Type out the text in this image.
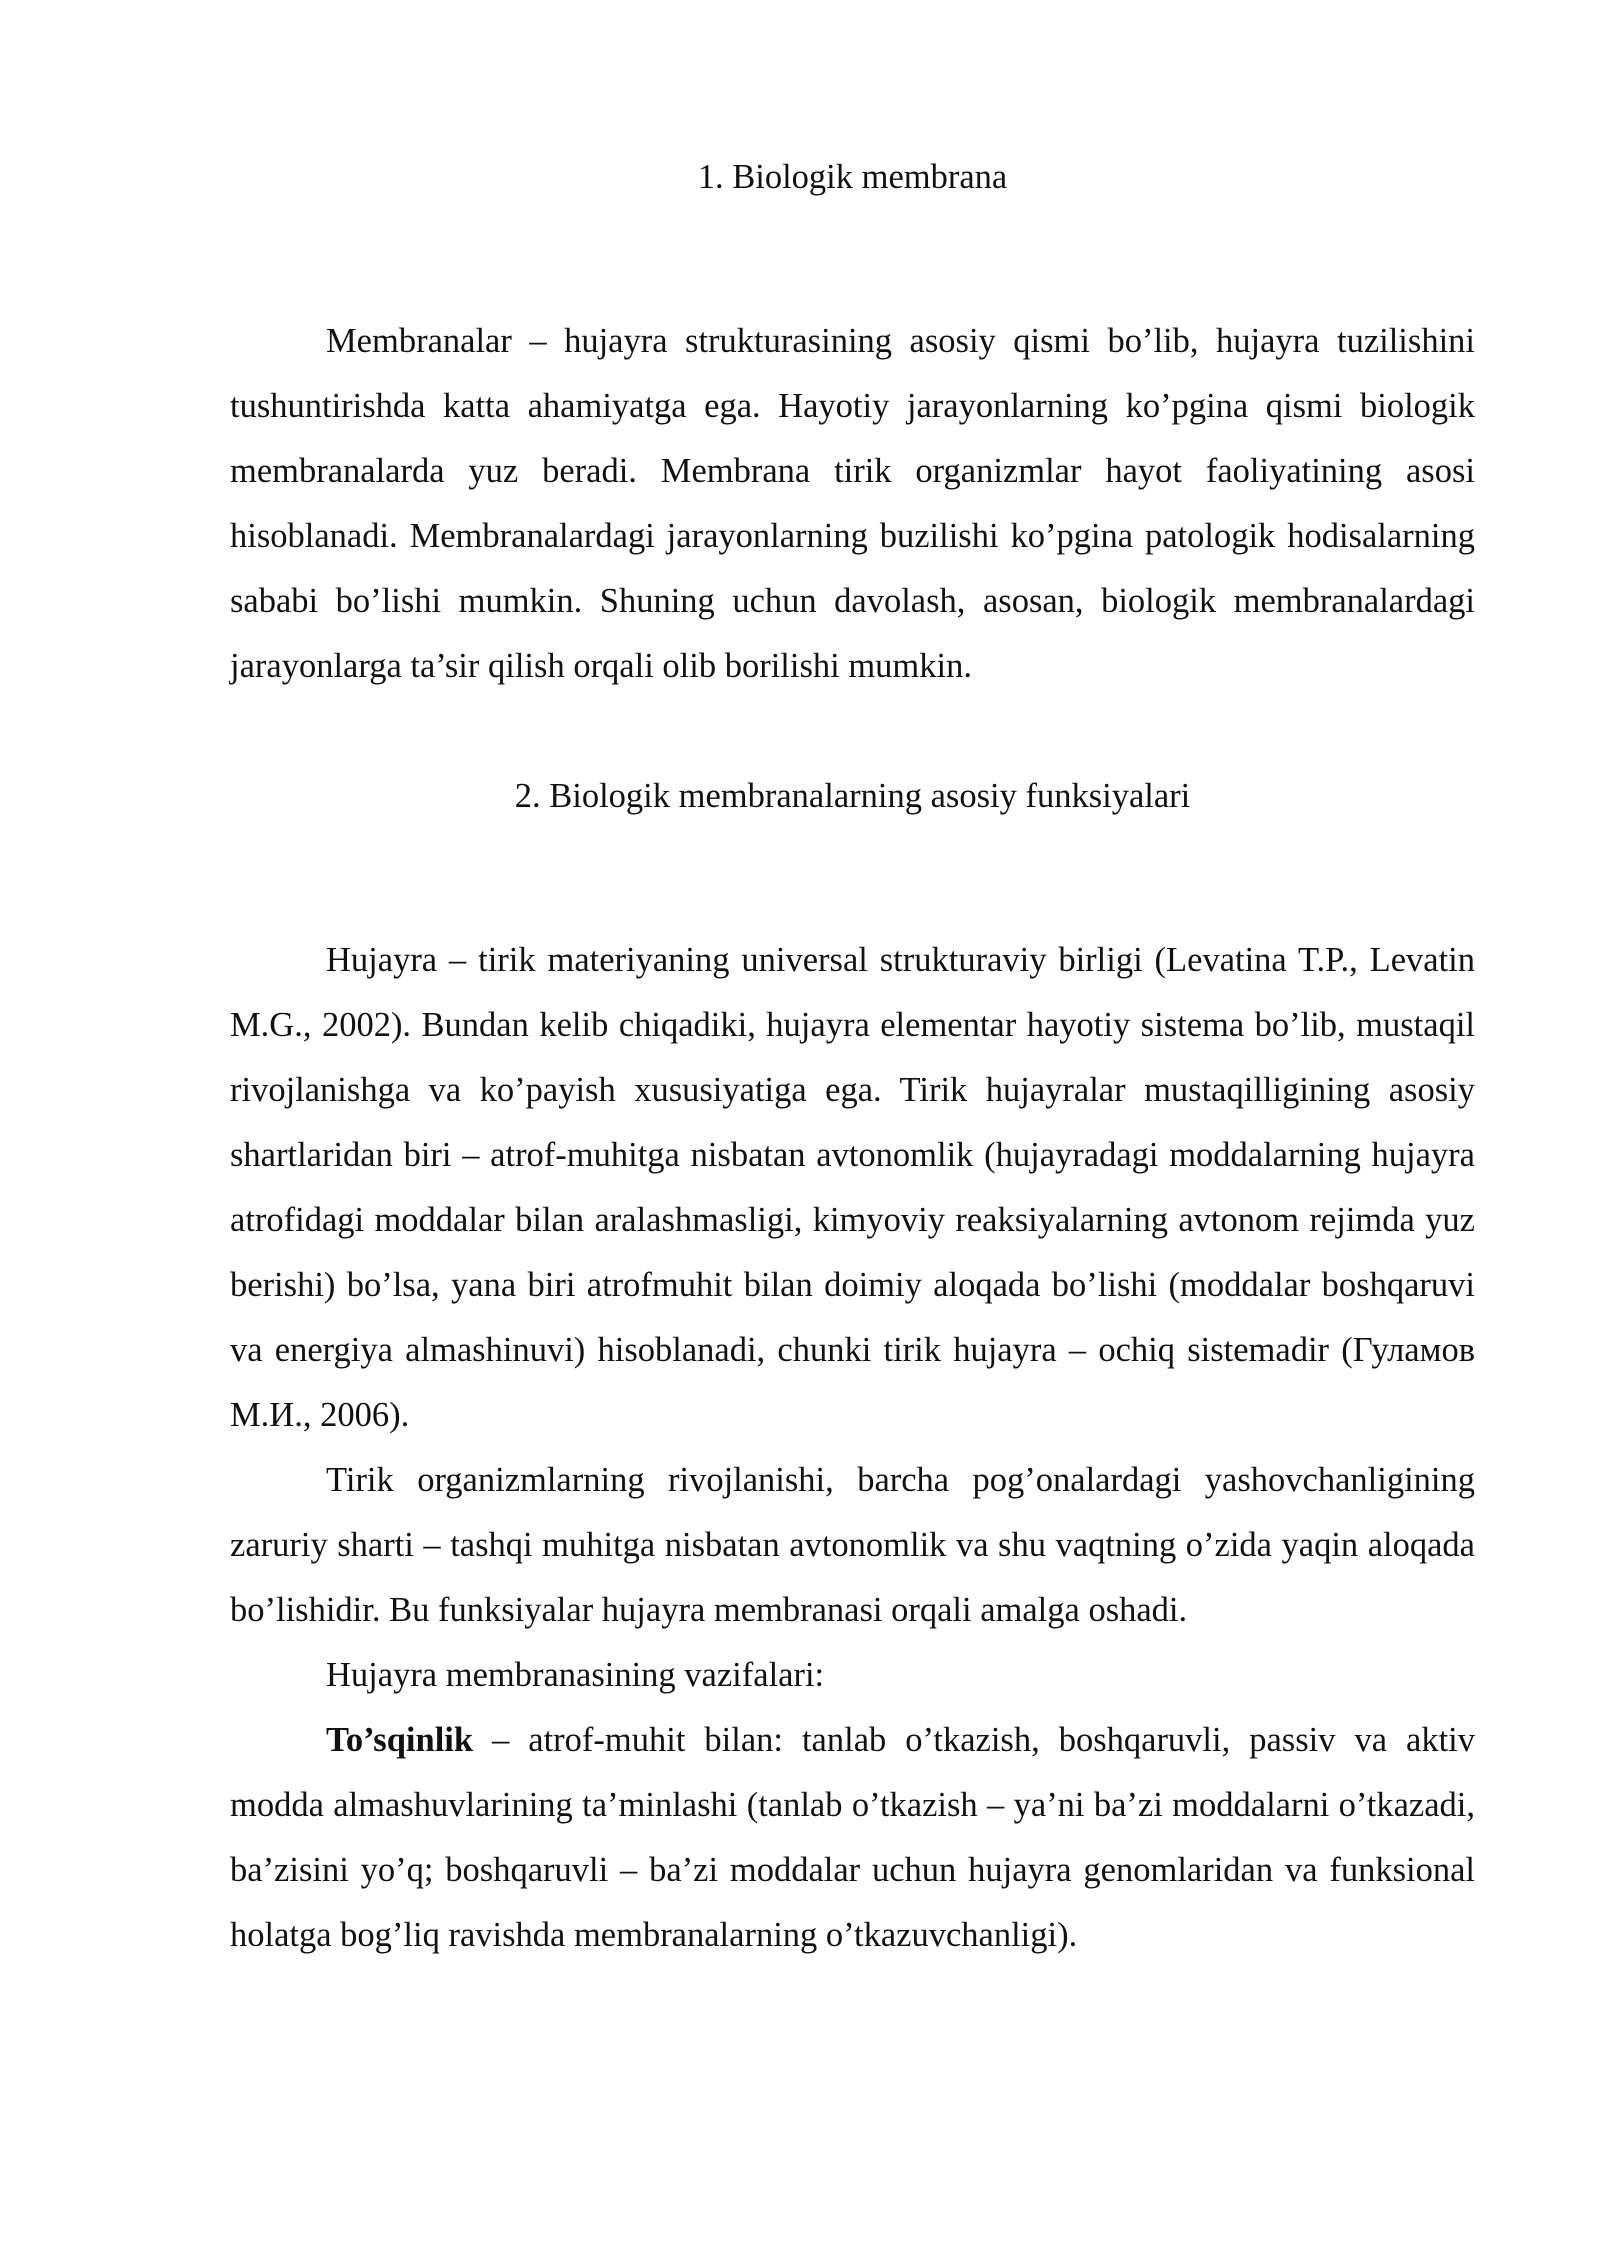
1. Biologik membrana

Membranalar – hujayra strukturasining asosiy qismi bo’lib, hujayra tuzilishini tushuntirishda katta ahamiyatga ega. Hayotiy jarayonlarning ko’pgina qismi biologik membranalarda yuz beradi. Membrana tirik organizmlar hayot faoliyatining asosi hisoblanadi. Membranalardagi jarayonlarning buzilishi ko’pgina patologik hodisalarning sababi bo’lishi mumkin. Shuning uchun davolash, asosan, biologik membranalardagi jarayonlarga ta’sir qilish orqali olib borilishi mumkin.

2. Biologik membranalarning asosiy funksiyalari

Hujayra – tirik materiyaning universal strukturaviy birligi (Levatina T.P., Levatin M.G., 2002). Bundan kelib chiqadiki, hujayra elementar hayotiy sistema bo’lib, mustaqil rivojlanishga va ko’payish xususiyatiga ega. Tirik hujayralar mustaqilligining asosiy shartlaridan biri – atrof-muhitga nisbatan avtonomlik (hujayradagi moddalarning hujayra atrofidagi moddalar bilan aralashmasligi, kimyoviy reaksiyalarning avtonom rejimda yuz berishi) bo’lsa, yana biri atrofmuhit bilan doimiy aloqada bo’lishi (moddalar boshqaruvi va energiya almashinuvi) hisoblanadi, chunki tirik hujayra – ochiq sistemadir (Гуламов М.И., 2006).

Tirik organizmlarning rivojlanishi, barcha pog’onalardagi yashovchanligining zaruriy sharti – tashqi muhitga nisbatan avtonomlik va shu vaqtning o’zida yaqin aloqada bo’lishidir. Bu funksiyalar hujayra membranasi orqali amalga oshadi.

Hujayra membranasining vazifalari:

To’sqinlik – atrof-muhit bilan: tanlab o’tkazish, boshqaruvli, passiv va aktiv modda almashuvlarining ta’minlashi (tanlab o’tkazish – ya’ni ba’zi moddalarni o’tkazadi, ba’zisini yo’q; boshqaruvli – ba’zi moddalar uchun hujayra genomlaridan va funksional holatga bog’liq ravishda membranalarning o’tkazuvchanligi).
